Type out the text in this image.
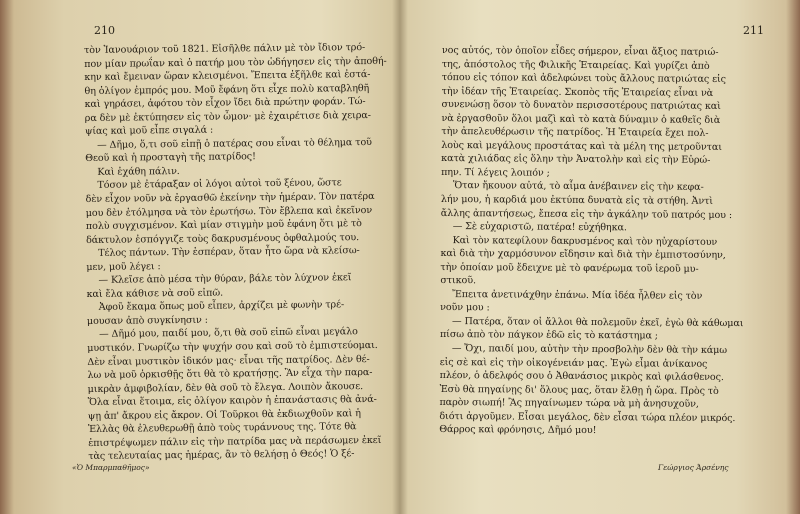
210
τὸν Ἰανουάριον τοῦ 1821. Εἰσῆλθε πάλιν μὲ τὸν ἴδιον τρό-
πον μίαν πρωΐαν καὶ ὁ πατήρ μου τὸν ὡδήγησεν εἰς τὴν ἀποθή-
κην καὶ ἔμειναν ὥραν κλεισμένοι. Ἔπειτα ἐξῆλθε καὶ ἐστά-
θη ὀλίγον ἐμπρός μου. Μοῦ ἔφάνη ὅτι εἶχε πολὺ καταβληθῆ
καὶ γηράσει, ἀφότου τὸν εἶχον ἴδει διὰ πρώτην φοράν. Τώ-
ρα δὲν μὲ ἐκτύπησεν εἰς τὸν ὦμον· μὲ ἐχαιρέτισε διὰ χειρα-
ψίας καὶ μοῦ εἶπε σιγαλά :
— Δῆμο, ὅ,τι σοῦ εἰπῇ ὁ πατέρας σου εἶναι τὸ θέλημα τοῦ
Θεοῦ καὶ ἡ προσταγὴ τῆς πατρίδος!
Καὶ ἐχάθη πάλιν.
Τόσον μὲ ἐτάραξαν οἱ λόγοι αὐτοὶ τοῦ ξένου, ὥστε
δὲν εἶχον νοῦν νὰ ἐργασθῶ ἐκείνην τὴν ἡμέραν. Τὸν πατέρα
μου δὲν ἐτόλμησα νὰ τὸν ἐρωτήσω. Τὸν ἔβλεπα καὶ ἐκεῖνον
πολὺ συγχισμένον. Καὶ μίαν στιγμὴν μοῦ ἐφάνη ὅτι μὲ τὸ
δάκτυλον ἐσπόγγιζε τοὺς δακρυσμένους ὀφθαλμούς του.
Τέλος πάντων. Τὴν ἑσπέραν, ὅταν ἦτο ὥρα νὰ κλείσω-
μεν, μοῦ λέγει :
— Κλεῖσε ἀπὸ μέσα τὴν θύραν, βάλε τὸν λύχνον ἐκεῖ
καὶ ἔλα κάθισε νὰ σοῦ εἰπῶ.
Ἀφοῦ ἔκαμα ὅπως μοῦ εἶπεν, ἀρχίζει μὲ φωνὴν τρέ-
μουσαν ἀπὸ συγκίνησιν :
— Δῆμό μου, παιδί μου, ὅ,τι θὰ σοῦ εἰπῶ εἶναι μεγάλο
μυστικόν. Γνωρίζω τὴν ψυχήν σου καὶ σοῦ τὸ ἐμπιστεύομαι.
Δὲν εἶναι μυστικὸν ἰδικόν μας· εἶναι τῆς πατρίδος. Δὲν θέ-
λω νὰ μοῦ ὁρκισθῇς ὅτι θὰ τὸ κρατήσῃς. Ἂν εἶχα τὴν παρα-
μικρὰν ἀμφιβολίαν, δὲν θὰ σοῦ τὸ ἔλεγα. Λοιπὸν ἄκουσε.
Ὅλα εἶναι ἕτοιμα, εἰς ὀλίγον καιρὸν ἡ ἐπανάστασις θὰ ἀνά-
ψῃ ἀπ' ἄκρου εἰς ἄκρον. Οἱ Τοῦρκοι θὰ ἐκδιωχθοῦν καὶ ἡ
Ἑλλὰς θὰ ἐλευθερωθῇ ἀπὸ τοὺς τυράννους της. Τότε θὰ
ἐπιστρέψωμεν πάλιν εἰς τὴν πατρίδα μας νὰ περάσωμεν ἐκεῖ
τὰς τελευταίας μας ἡμέρας, ἂν τὸ θελήσῃ ὁ Θεός! Ὁ ξέ-
«Ὁ Μπαρμπαθῆμος»
211
νος αὐτός, τὸν ὁποῖον εἶδες σήμερον, εἶναι ἄξιος πατριώ-
της, ἀπόστολος τῆς Φιλικῆς Ἑταιρείας. Καὶ γυρίζει ἀπὸ
τόπου εἰς τόπον καὶ ἀδελφώνει τοὺς ἄλλους πατριώτας εἰς
τὴν ἰδέαν τῆς Ἑταιρείας. Σκοπὸς τῆς Ἑταιρείας εἶναι νὰ
συνενώσῃ ὅσον τὸ δυνατὸν περισσοτέρους πατριώτας καὶ
νὰ ἐργασθοῦν ὅλοι μαζὶ καὶ τὸ κατὰ δύναμιν ὁ καθεῖς διὰ
τὴν ἀπελευθέρωσιν τῆς πατρίδος. Ἡ Ἑταιρεία ἔχει πολ-
λοὺς καὶ μεγάλους προστάτας καὶ τὰ μέλη της μετροῦνται
κατὰ χιλιάδας εἰς ὅλην τὴν Ἀνατολὴν καὶ εἰς τὴν Εὐρώ-
πην. Τί λέγεις λοιπόν ;
Ὅταν ἤκουον αὐτά, τὸ αἷμα ἀνέβαινεν εἰς τὴν κεφα-
λήν μου, ἡ καρδιά μου ἐκτύπα δυνατὰ εἰς τὰ στήθη. Ἀντὶ
ἄλλης ἀπαντήσεως, ἔπεσα εἰς τὴν ἀγκάλην τοῦ πατρός μου :
— Σὲ εὐχαριστῶ, πατέρα! εὐχήθηκα.
Καὶ τὸν κατεφίλουν δακρυσμένος καὶ τὸν ηὐχαρίστουν
καὶ διὰ τὴν χαρμόσυνον εἴδησιν καὶ διὰ τὴν ἐμπιστοσύνην,
τὴν ὁποίαν μοῦ ἔδειχνε μὲ τὸ φανέρωμα τοῦ ἱεροῦ μυ-
στικοῦ.
Ἔπειτα ἀνετινάχθην ἐπάνω. Μία ἰδέα ἦλθεν εἰς τὸν
νοῦν μου :
— Πατέρα, ὅταν οἱ ἄλλοι θὰ πολεμοῦν ἐκεῖ, ἐγὼ θὰ κάθωμαι
πίσω ἀπὸ τὸν πάγκον ἐδῶ εἰς τὸ κατάστημα ;
— Ὄχι, παιδί μου, αὐτὴν τὴν προσβολὴν δὲν θὰ τὴν κάμω
εἰς σὲ καὶ εἰς τὴν οἰκογένειάν μας. Ἐγὼ εἶμαι ἀνίκανος
πλέον, ὁ ἀδελφός σου ὁ Ἀθανάσιος μικρὸς καὶ φιλάσθενος.
Ἐσὺ θὰ πηγαίνῃς δι' ὅλους μας, ὅταν ἔλθῃ ἡ ὥρα. Πρὸς τὸ
παρὸν σιωπή! Ἂς πηγαίνωμεν τώρα νὰ μὴ ἀνησυχοῦν,
διότι ἀργοῦμεν. Εἶσαι μεγάλος, δὲν εἶσαι τώρα πλέον μικρός.
Θάρρος καὶ φρόνησις, Δῆμό μου!
Γεώργιος Ἀρσένης
